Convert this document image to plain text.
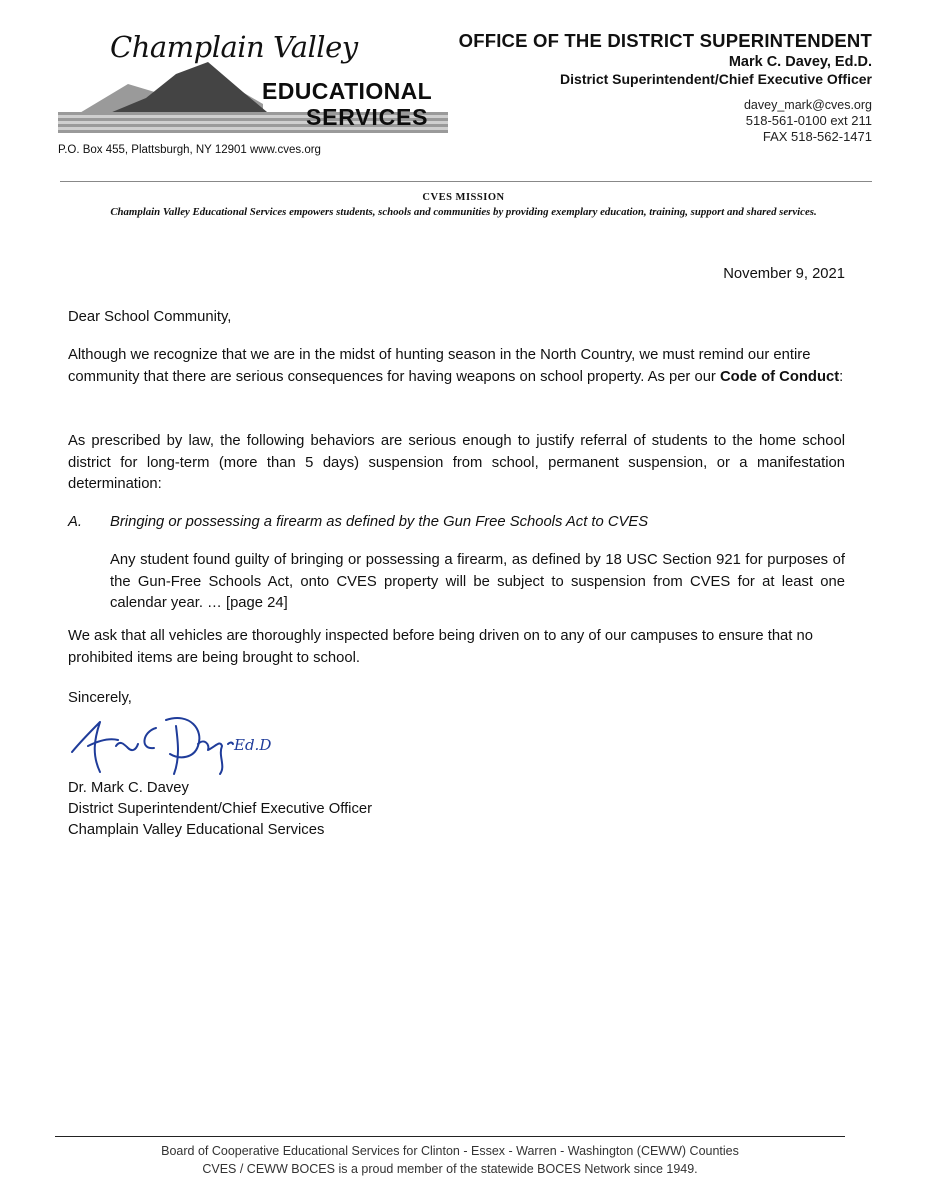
Champlain Valley
EDUCATIONAL
SERVICES
P.O. Box 455, Plattsburgh, NY 12901 www.cves.org
OFFICE OF THE DISTRICT SUPERINTENDENT
Mark C. Davey, Ed.D.
District Superintendent/Chief Executive Officer
davey_mark@cves.org
518-561-0100 ext 211
FAX 518-562-1471
CVES MISSION
Champlain Valley Educational Services empowers students, schools and communities by providing exemplary education, training, support and shared services.
November 9, 2021
Dear School Community,
Although we recognize that we are in the midst of hunting season in the North Country, we must remind our entire community that there are serious consequences for having weapons on school property. As per our Code of Conduct:
As prescribed by law, the following behaviors are serious enough to justify referral of students to the home school district for long-term (more than 5 days) suspension from school, permanent suspension, or a manifestation determination:
A. Bringing or possessing a firearm as defined by the Gun Free Schools Act to CVES
Any student found guilty of bringing or possessing a firearm, as defined by 18 USC Section 921 for purposes of the Gun-Free Schools Act, onto CVES property will be subject to suspension from CVES for at least one calendar year. … [page 24]
We ask that all vehicles are thoroughly inspected before being driven on to any of our campuses to ensure that no prohibited items are being brought to school.
Sincerely,
Ed.D
Dr. Mark C. Davey
District Superintendent/Chief Executive Officer
Champlain Valley Educational Services
Board of Cooperative Educational Services for Clinton - Essex - Warren - Washington (CEWW) Counties
CVES / CEWW BOCES is a proud member of the statewide BOCES Network since 1949.
